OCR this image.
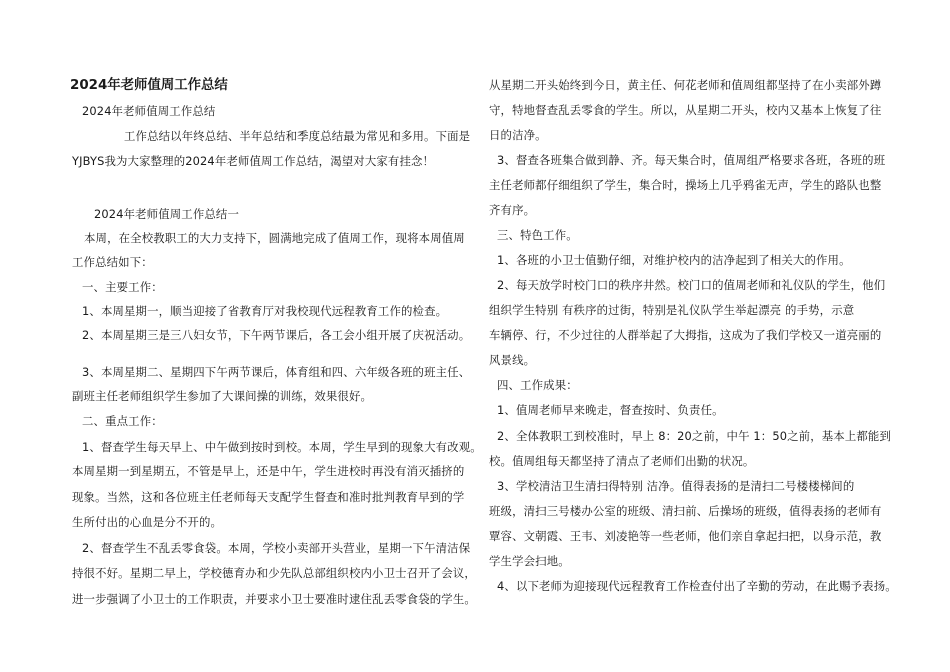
2024年老师值周工作总结
2024年老师值周工作总结
工作总结以年终总结、半年总结和季度总结最为常见和多用。下面是
YJBYS我为大家整理的2024年老师值周工作总结，渴望对大家有挂念！
2024年老师值周工作总结一
本周，在全校教职工的大力支持下，圆满地完成了值周工作，现将本周值周
工作总结如下：
一、主要工作：
1、本周星期一，顺当迎接了省教育厅对我校现代远程教育工作的检查。
2、本周星期三是三八妇女节，下午两节课后，各工会小组开展了庆祝活动。
3、本周星期二、星期四下午两节课后，体育组和四、六年级各班的班主任、
副班主任老师组织学生参加了大课间操的训练，效果很好。
二、重点工作：
1、督查学生每天早上、中午做到按时到校。本周，学生早到的现象大有改观。
本周星期一到星期五，不管是早上，还是中午，学生进校时再没有消灭插挤的
现象。当然，这和各位班主任老师每天支配学生督查和准时批判教育早到的学
生所付出的心血是分不开的。
2、督查学生不乱丢零食袋。本周，学校小卖部开头营业，星期一下午清洁保
持很不好。星期二早上，学校德育办和少先队总部组织校内小卫士召开了会议，
进一步强调了小卫士的工作职责，并要求小卫士要准时逮住乱丢零食袋的学生。
从星期二开头始终到今日，黄主任、何花老师和值周组都坚持了在小卖部外蹲
守，特地督查乱丢零食的学生。所以，从星期二开头，校内又基本上恢复了往
日的洁净。
3、督查各班集合做到静、齐。每天集合时，值周组严格要求各班，各班的班
主任老师都仔细组织了学生，集合时，操场上几乎鸦雀无声，学生的路队也整
齐有序。
三、特色工作。
1、各班的小卫士值勤仔细，对维护校内的洁净起到了相关大的作用。
2、每天放学时校门口的秩序井然。校门口的值周老师和礼仪队的学生，他们
组织学生特别 有秩序的过街，特别是礼仪队学生举起漂亮 的手势，示意
车辆停、行，不少过往的人群举起了大拇指，这成为了我们学校又一道亮丽的
风景线。
四、工作成果：
1、值周老师早来晚走，督查按时、负责任。
2、全体教职工到校准时，早上 8：20之前，中午 1：50之前，基本上都能到
校。值周组每天都坚持了清点了老师们出勤的状况。
3、学校清洁卫生清扫得特别 洁净。值得表扬的是清扫二号楼楼梯间的
班级，清扫三号楼办公室的班级、清扫前、后操场的班级，值得表扬的老师有
覃容、文朝霞、王韦、刘凌艳等一些老师，他们亲自拿起扫把，以身示范，教
学生学会扫地。
4、以下老师为迎接现代远程教育工作检查付出了辛勤的劳动，在此赐予表扬。
